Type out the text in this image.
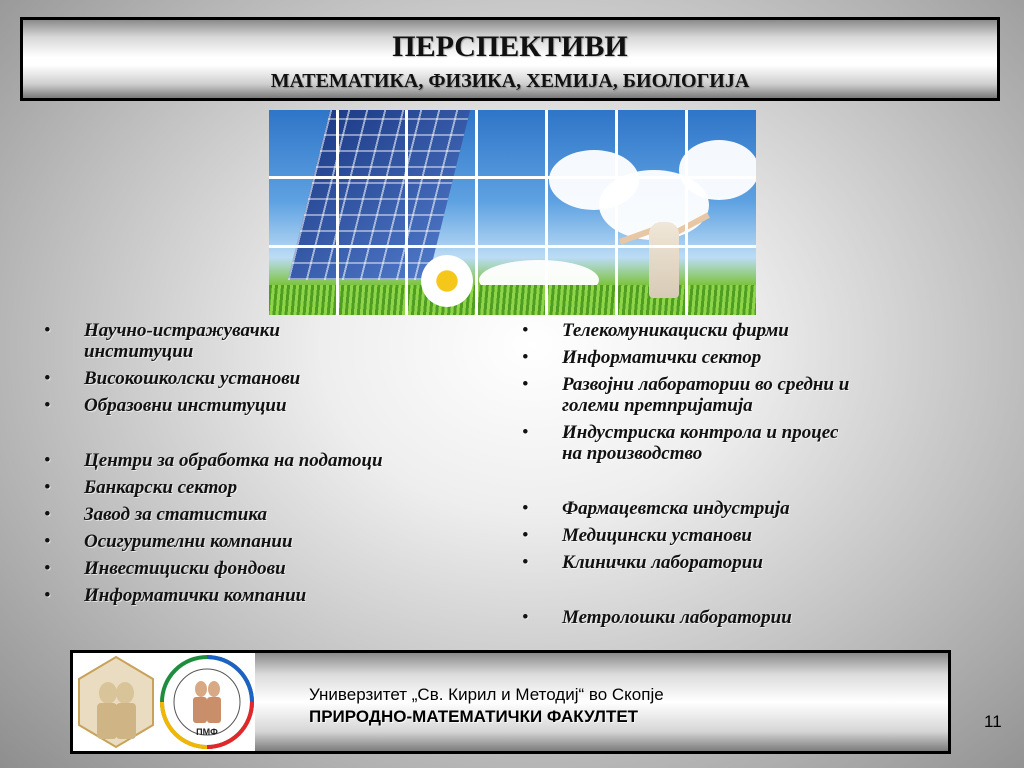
ПЕРСПЕКТИВИ
МАТЕМАТИКА, ФИЗИКА, ХЕМИЈА, БИОЛОГИЈА
• Научно-истражувачки
институции
• Високошколски установи
• Образовни институции
• Центри за обработка на податоци
• Банкарски сектор
• Завод за статистика
• Осигурителни компании
• Инвестициски фондови
• Информатички компании
• Телекомуникациски фирми
• Информатички сектор
• Развојни лаборатории во средни и
големи претпријатија
• Индустриска контрола и процес
на производство
• Фармацевтска индустрија
• Медицински установи
• Клинички лаборатории
• Метролошки лаборатории
ПМФ
Универзитет „Св. Кирил и Методиј“ во Скопје
ПРИРОДНО-МАТЕМАТИЧКИ ФАКУЛТЕТ	11
